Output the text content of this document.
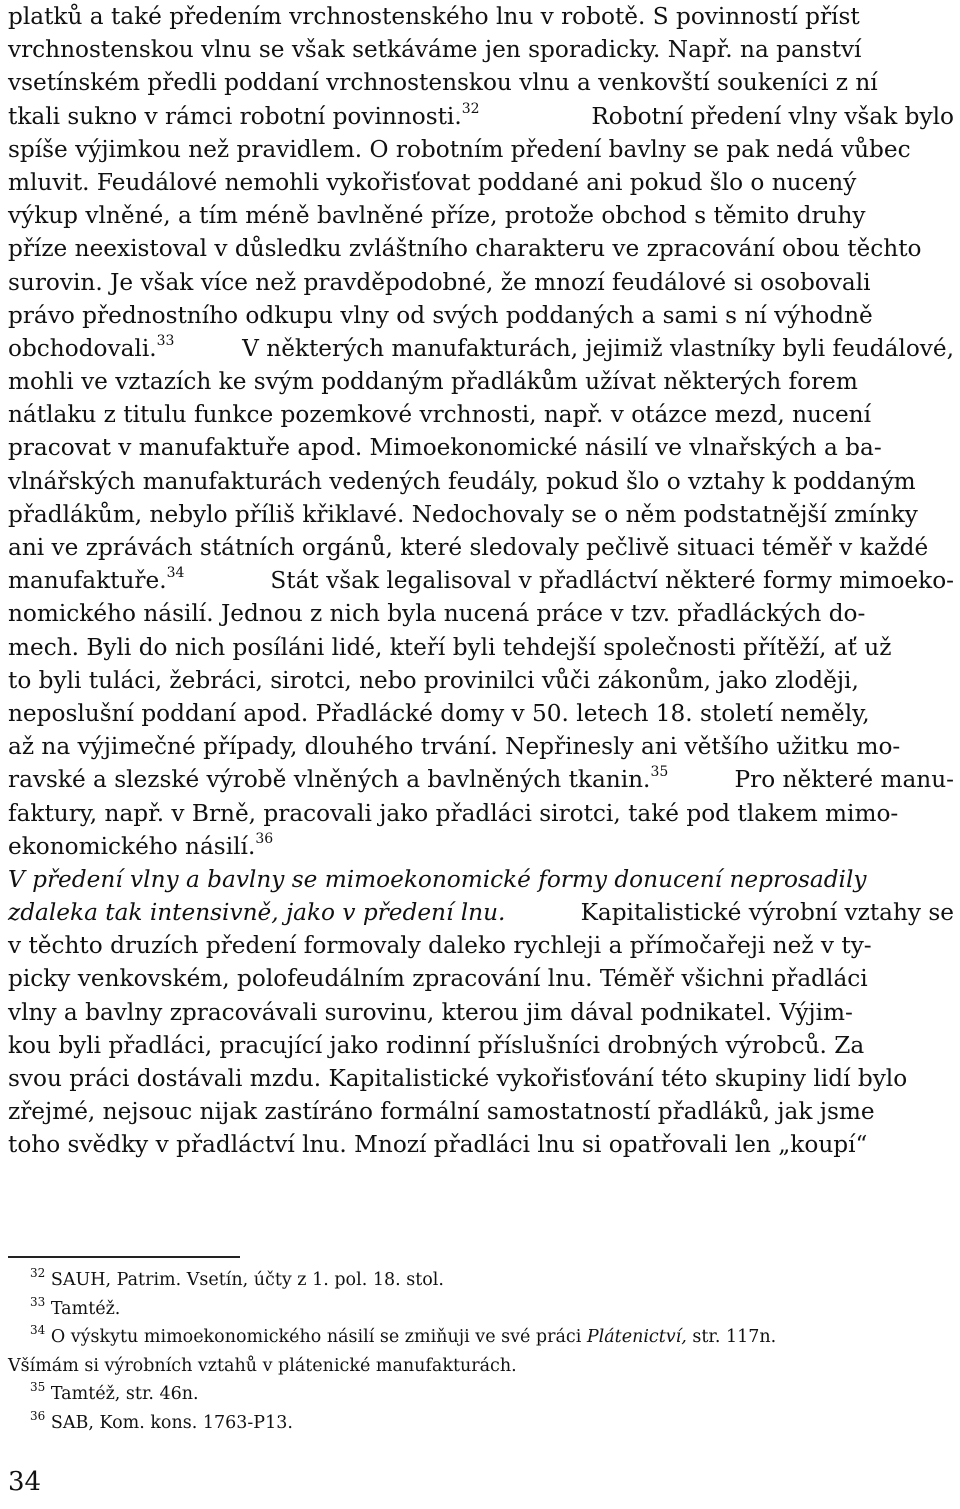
platků a také předením vrchnostenského lnu v robotě. S povinností příst
vrchnostenskou vlnu se však setkáváme jen sporadicky. Např. na panství
vsetínském předli poddaní vrchnostenskou vlnu a venkovští soukeníci z ní
tkali sukno v rámci robotní povinnosti.$^{32}$	Robotní předení vlny však bylo
spíše výjimkou než pravidlem. O robotním předení bavlny se pak nedá vůbec
mluvit. Feudálové nemohli vykořisťovat poddané ani pokud šlo o nucený
výkup vlněné, a tím méně bavlněné příze, protože obchod s těmito druhy
příze neexistoval v důsledku zvláštního charakteru ve zpracování obou těchto
surovin. Je však více než pravděpodobné, že mnozí feudálové si osobovali
právo přednostního odkupu vlny od svých poddaných a sami s ní výhodně
obchodovali.$^{33}$	V některých manufakturách, jejimiž vlastníky byli feudálové,
mohli ve vztazích ke svým poddaným přadlákům užívat některých forem
nátlaku z titulu funkce pozemkové vrchnosti, např. v otázce mezd, nucení
pracovat v manufaktuře apod. Mimoekonomické násilí ve vlnařských a ba-
vlnářských manufakturách vedených feudály, pokud šlo o vztahy k poddaným
přadlákům, nebylo příliš křiklavé. Nedochovaly se o něm podstatnější zmínky
ani ve zprávách státních orgánů, které sledovaly pečlivě situaci téměř v každé
manufaktuře.$^{34}$	Stát však legalisoval v přadláctví některé formy mimoeko-
nomického násilí. Jednou z nich byla nucená práce v tzv. přadláckých do-
mech. Byli do nich posíláni lidé, kteří byli tehdejší společnosti přítěží, ať už
to byli tuláci, žebráci, sirotci, nebo provinilci vůči zákonům, jako zloději,
neposlušní poddaní apod. Přadlácké domy v 50. letech 18. století neměly,
až na výjimečné případy, dlouhého trvání. Nepřinesly ani většího užitku mo-
ravské a slezské výrobě vlněných a bavlněných tkanin.$^{35}$	Pro některé manu-
faktury, např. v Brně, pracovali jako přadláci sirotci, také pod tlakem mimo-
ekonomického násilí.$^{36}$
V předení vlny a bavlny se mimoekonomické formy donucení neprosadily
zdaleka tak intensivně, jako v předení lnu.	Kapitalistické výrobní vztahy se
v těchto druzích předení formovaly daleko rychleji a přímočařeji než v ty-
picky venkovském, polofeudálním zpracování lnu. Téměř všichni přadláci
vlny a bavlny zpracovávali surovinu, kterou jim dával podnikatel. Výjim-
kou byli přadláci, pracující jako rodinní příslušníci drobných výrobců. Za
svou práci dostávali mzdu. Kapitalistické vykořisťování této skupiny lidí bylo
zřejmé, nejsouc nijak zastíráno formální samostatností přadláků, jak jsme
toho svědky v přadláctví lnu. Mnozí přadláci lnu si opatřovali len „koupí“
$^{32}$ SAUH, Patrim. Vsetín, účty z 1. pol. 18. stol.
$^{33}$ Tamtéž.
$^{34}$ O výskytu mimoekonomického násilí se zmiňuji ve své práci Plátenictví, str. 117n.
Všímám si výrobních vztahů v plátenické manufakturách.
$^{35}$ Tamtéž, str. 46n.
$^{36}$ SAB, Kom. kons. 1763-P13.
34
